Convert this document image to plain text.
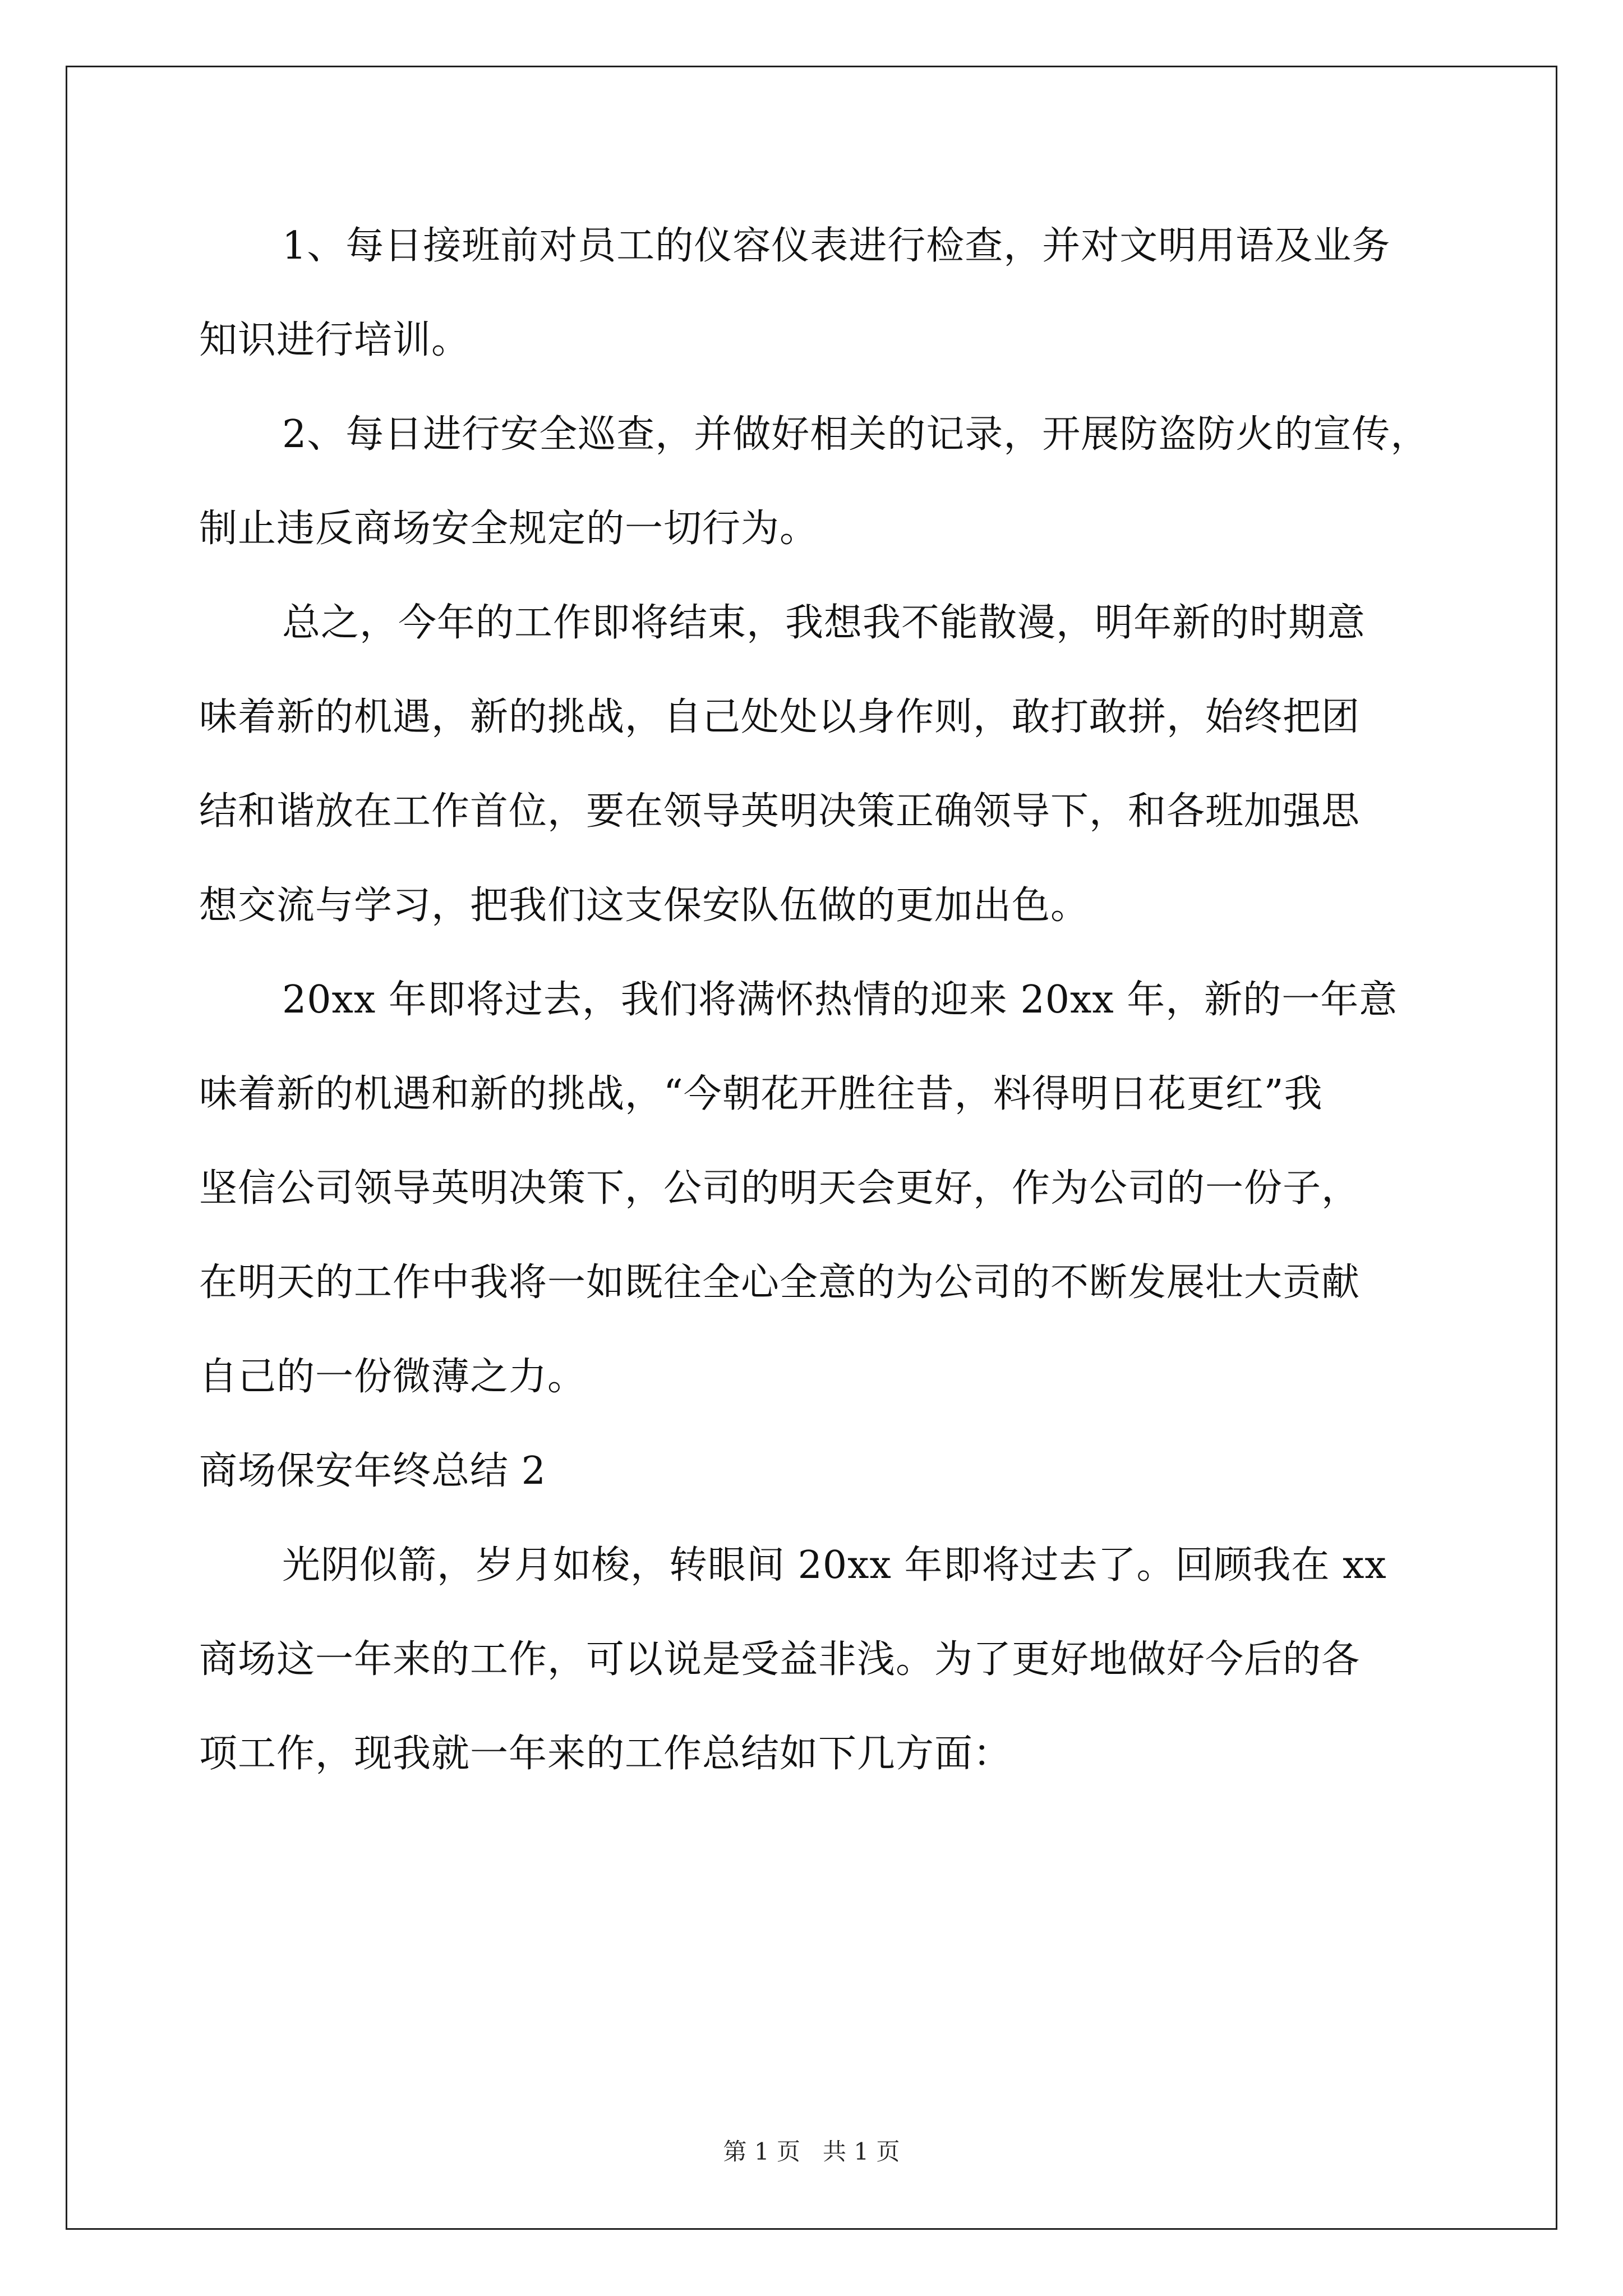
1、每日接班前对员工的仪容仪表进行检查，并对文明用语及业务
知识进行培训。
2、每日进行安全巡查，并做好相关的记录，开展防盗防火的宣传，
制止违反商场安全规定的一切行为。
总之，今年的工作即将结束，我想我不能散漫，明年新的时期意
味着新的机遇，新的挑战，自己处处以身作则，敢打敢拼，始终把团
结和谐放在工作首位，要在领导英明决策正确领导下，和各班加强思
想交流与学习，把我们这支保安队伍做的更加出色。
20xx 年即将过去，我们将满怀热情的迎来 20xx 年，新的一年意
味着新的机遇和新的挑战，“今朝花开胜往昔，料得明日花更红”我
坚信公司领导英明决策下，公司的明天会更好，作为公司的一份子，
在明天的工作中我将一如既往全心全意的为公司的不断发展壮大贡献
自己的一份微薄之力。
商场保安年终总结 2
光阴似箭，岁月如梭，转眼间 20xx 年即将过去了。回顾我在 xx
商场这一年来的工作，可以说是受益非浅。为了更好地做好今后的各
项工作，现我就一年来的工作总结如下几方面：
第 1 页   共 1 页
